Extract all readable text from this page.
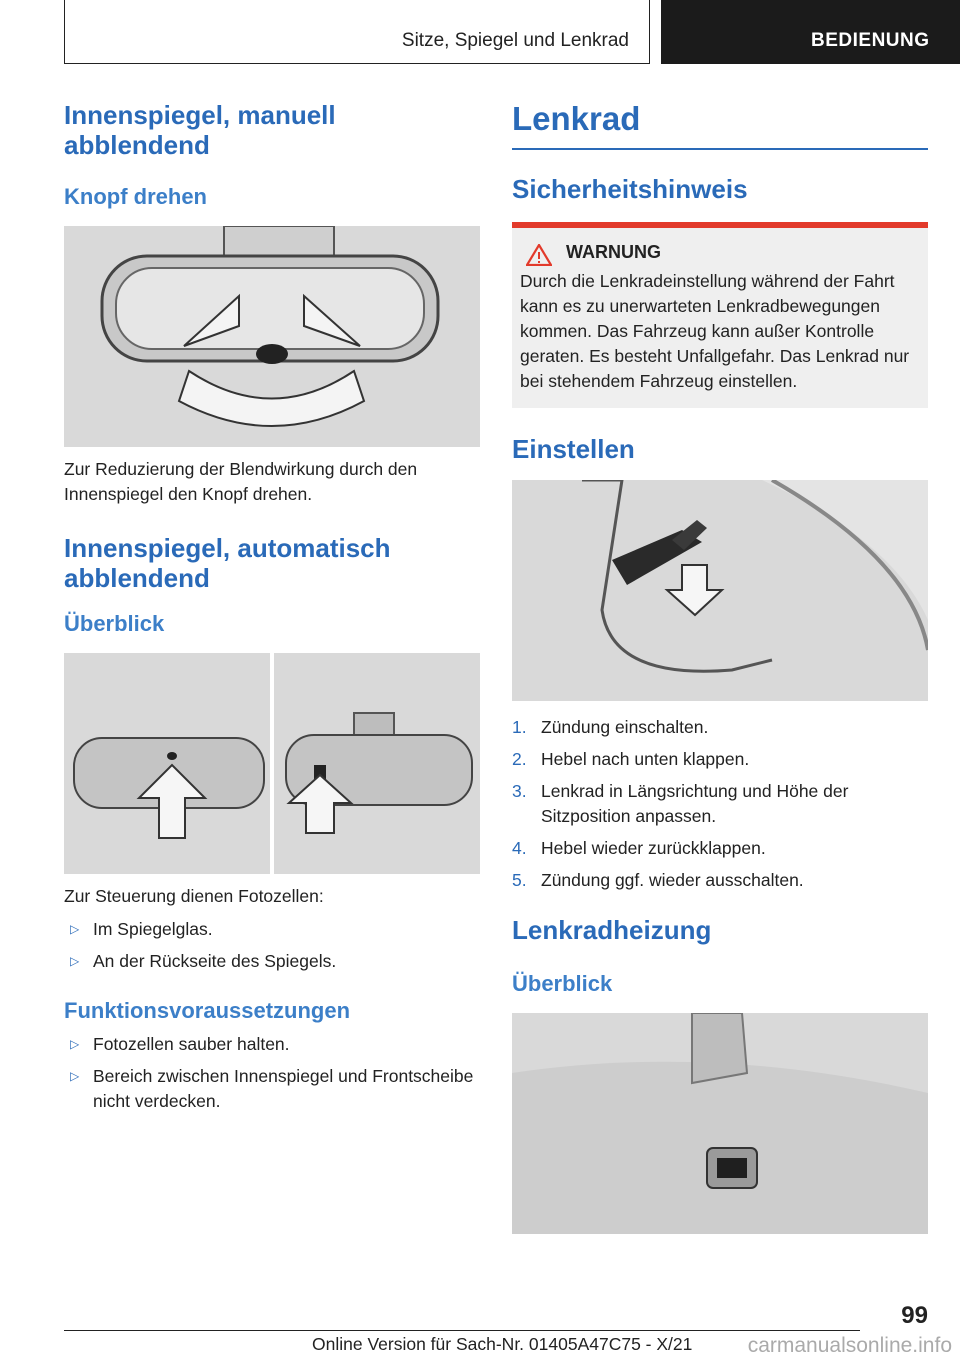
Sitze, Spiegel und Lenkrad	BEDIENUNG
Innenspiegel, manuell abblendend
Knopf drehen

Zur Reduzierung der Blendwirkung durch den Innenspiegel den Knopf drehen.

Innenspiegel, automatisch abblendend
Überblick

Zur Steuerung dienen Fotozellen:

▷ Im Spiegelglas.
▷ An der Rückseite des Spiegels.
Funktionsvoraussetzungen
▷ Fotozellen sauber halten.
▷ Bereich zwischen Innenspiegel und Frontscheibe nicht verdecken.
Lenkrad
Sicherheitshinweis
WARNUNG

Durch die Lenkradeinstellung während der Fahrt kann es zu unerwarteten Lenkradbewegungen kommen. Das Fahrzeug kann außer Kontrolle geraten. Es besteht Unfallgefahr. Das Lenkrad nur bei stehendem Fahrzeug einstellen.

Einstellen
1. Zündung einschalten.
2. Hebel nach unten klappen.
3. Lenkrad in Längsrichtung und Höhe der Sitzposition anpassen.
4. Hebel wieder zurückklappen.
5. Zündung ggf. wieder ausschalten.
Lenkradheizung
Überblick
99
Online Version für Sach-Nr. 01405A47C75 - X/21	carmanualsonline.info
